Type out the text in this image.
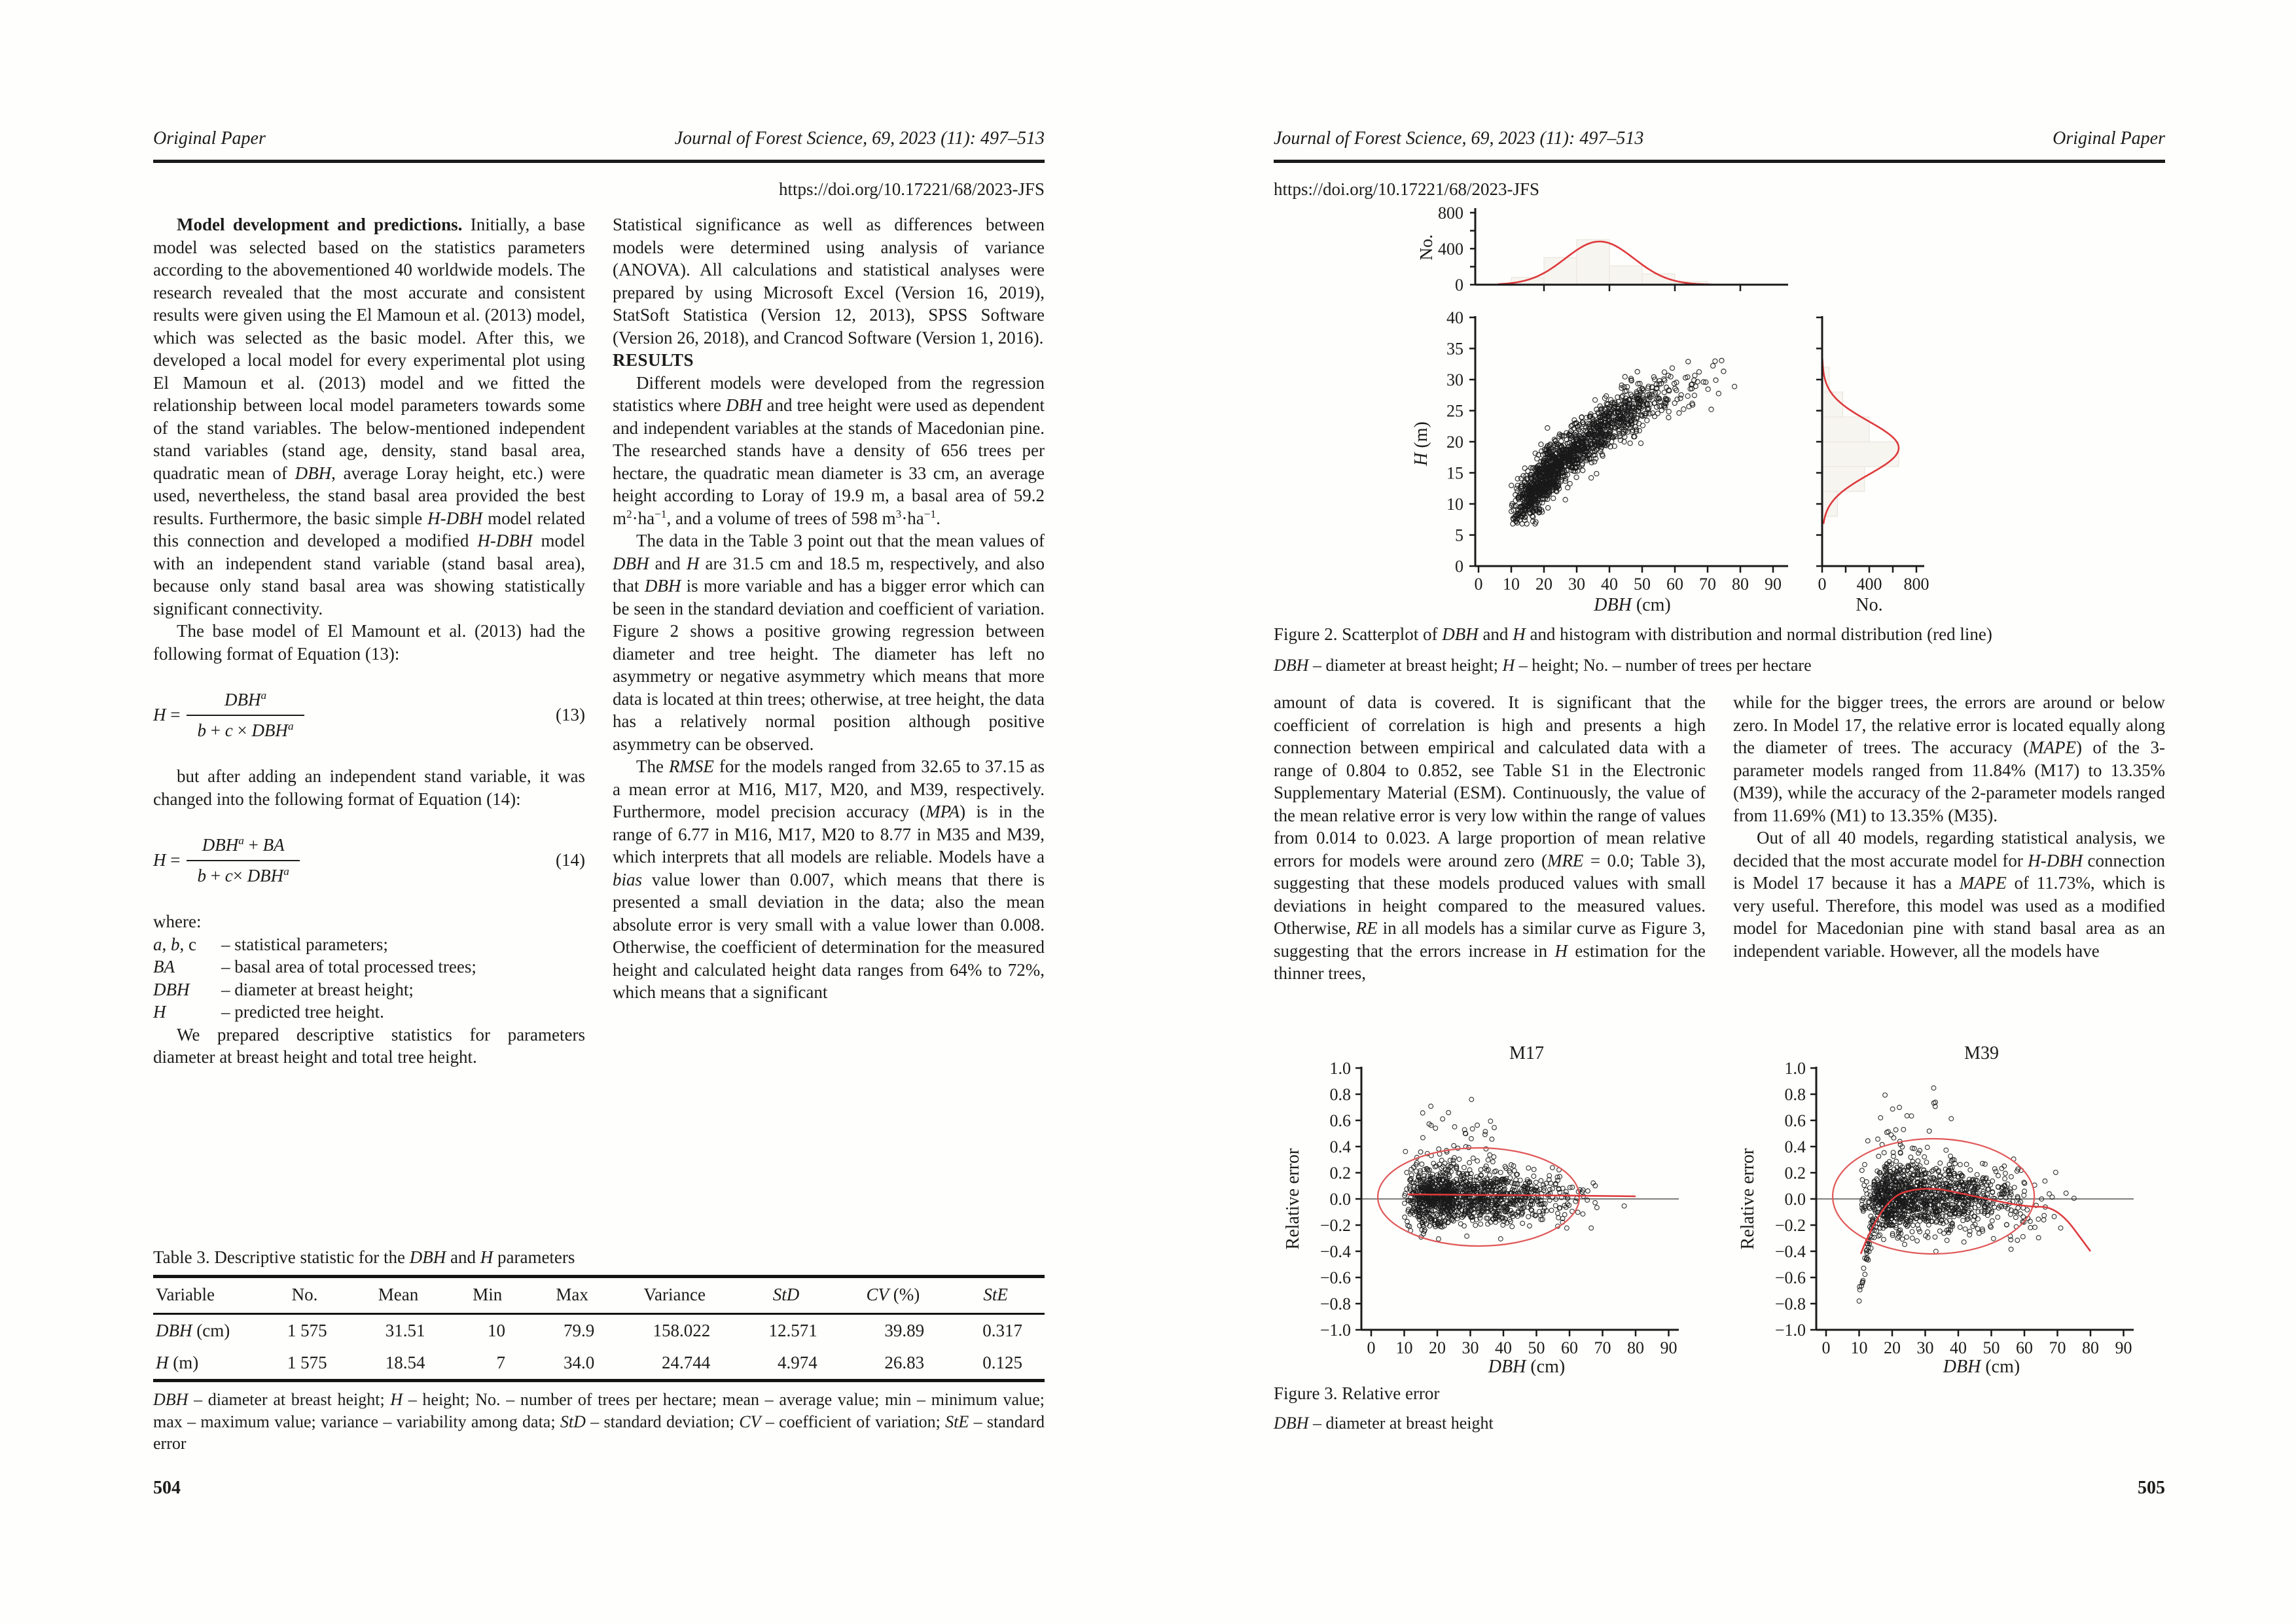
Original Paper	Journal of Forest Science, 69, 2023 (11): 497–513
https://doi.org/10.17221/68/2023-JFS

Model development and predictions. Initially, a base model was selected based on the statistics parameters according to the abovementioned 40 worldwide models. The research revealed that the most accurate and consistent results were given using the El Mamoun et al. (2013) model, which was selected as the basic model. After this, we developed a local model for every experimental plot using El Mamoun et al. (2013) model and we fitted the relationship between local model parameters towards some of the stand variables. The below-mentioned independent stand variables (stand age, density, stand basal area, quadratic mean of DBH, average Loray height, etc.) were used, nevertheless, the stand basal area provided the best results. Furthermore, the basic simple H-DBH model related this connection and developed a modified H-DBH model with an independent stand variable (stand basal area), because only stand basal area was showing statistically significant connectivity.

The base model of El Mamount et al. (2013) had the following format of Equation (13):

$H = \frac{DBH^a}{b + c \times DBH^a}$	(13)

but after adding an independent stand variable, it was changed into the following format of Equation (14):

$H = \frac{DBH^a + BA}{b + c\times DBH^a}$	(14)
where:
a, b, c	– statistical parameters;
BA	– basal area of total processed trees;
DBH	– diameter at breast height;
H	– predicted tree height.

We prepared descriptive statistics for parameters diameter at breast height and total tree height.

Statistical significance as well as differences between models were determined using analysis of variance (ANOVA). All calculations and statistical analyses were prepared by using Microsoft Excel (Version 16, 2019), StatSoft Statistica (Version 12, 2013), SPSS Software (Version 26, 2018), and Crancod Software (Version 1, 2016).

RESULTS

Different models were developed from the regression statistics where DBH and tree height were used as dependent and independent variables at the stands of Macedonian pine. The researched stands have a density of 656 trees per hectare, the quadratic mean diameter is 33 cm, an average height according to Loray of 19.9 m, a basal area of 59.2 $m^2\cdot ha^{-1}$, and a volume of trees of 598 $m^3\cdot ha^{-1}$.

The data in the Table 3 point out that the mean values of DBH and H are 31.5 cm and 18.5 m, respectively, and also that DBH is more variable and has a bigger error which can be seen in the standard deviation and coefficient of variation. Figure 2 shows a positive growing regression between diameter and tree height. The diameter has left no asymmetry or negative asymmetry which means that more data is located at thin trees; otherwise, at tree height, the data has a relatively normal position although positive asymmetry can be observed.

The RMSE for the models ranged from 32.65 to 37.15 as a mean error at M16, M17, M20, and M39, respectively. Furthermore, model precision accuracy (MPA) is in the range of 6.77 in M16, M17, M20 to 8.77 in M35 and M39, which interprets that all models are reliable. Models have a bias value lower than 0.007, which means that there is presented a small deviation in the data; also the mean absolute error is very small with a value lower than 0.008. Otherwise, the coefficient of determination for the measured height and calculated height data ranges from 64% to 72%, which means that a significant

Table 3. Descriptive statistic for the DBH and H parameters
Variable	No.	Mean	Min	Max	Variance	StD	CV (%)	StE
DBH (cm)	1 575	31.51	10	79.9	158.022	12.571	39.89	0.317
H (m)	1 575	18.54	7	34.0	24.744	4.974	26.83	0.125
DBH – diameter at breast height; H – height; No. – number of trees per hectare; mean – average value; min – minimum value; max – maximum value; variance – variability among data; StD – standard deviation; CV – coefficient of variation; StE – standard error
504
Journal of Forest Science, 69, 2023 (11): 497–513	Original Paper
https://doi.org/10.17221/68/2023-JFS
0
400
800
No.
0 10 20 30 40 50 60 70 80 90
0
5
10
15
20
25
30
35
40
H (m)
DBH (cm)
0 400 800
No.
Figure 2. Scatterplot of DBH and H and histogram with distribution and normal distribution (red line)
DBH – diameter at breast height; H – height; No. – number of trees per hectare

amount of data is covered. It is significant that the coefficient of correlation is high and presents a high connection between empirical and calculated data with a range of 0.804 to 0.852, see Table S1 in the Electronic Supplementary Material (ESM). Continuously, the value of the mean relative error is very low within the range of values from 0.014 to 0.023. A large proportion of mean relative errors for models were around zero (MRE = 0.0; Table 3), suggesting that these models produced values with small deviations in height compared to the measured values. Otherwise, RE in all models has a similar curve as Figure 3, suggesting that the errors increase in H estimation for the thinner trees,

while for the bigger trees, the errors are around or below zero. In Model 17, the relative error is located equally along the diameter of trees. The accuracy (MAPE) of the 3-parameter models ranged from 11.84% (M17) to 13.35% (M39), while the accuracy of the 2-parameter models ranged from 11.69% (M1) to 13.35% (M35).

Out of all 40 models, regarding statistical analysis, we decided that the most accurate model for H-DBH connection is Model 17 because it has a MAPE of 11.73%, which is very useful. Therefore, this model was used as a modified model for Macedonian pine with stand basal area as an independent variable. However, all the models have

M17
0 10 20 30 40 50 60 70 80 90
−1.0
−0.8
−0.6
−0.4
−0.2
0.0
0.2
0.4
0.6
0.8
1.0
DBH (cm)
Relative error
M39
0 10 20 30 40 50 60 70 80 90
−1.0
−0.8
−0.6
−0.4
−0.2
0.0
0.2
0.4
0.6
0.8
1.0
DBH (cm)
Relative error
Figure 3. Relative error
DBH – diameter at breast height
505
